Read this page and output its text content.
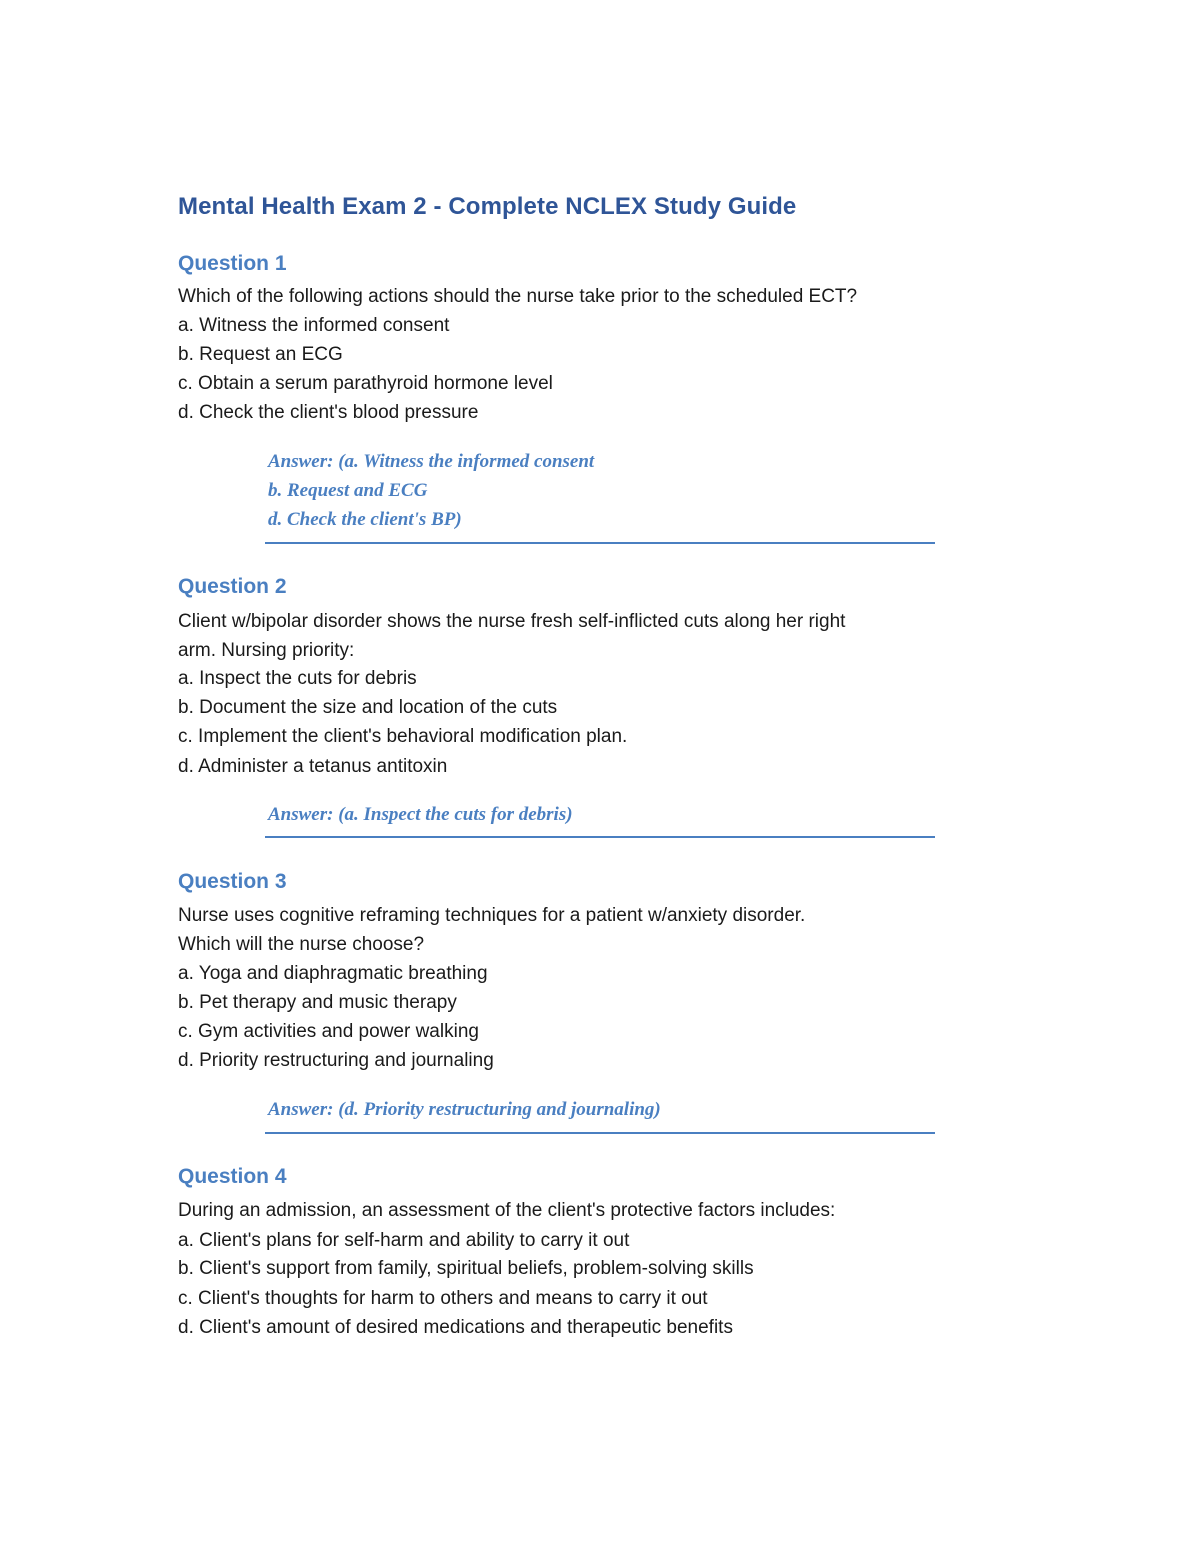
Mental Health Exam 2 - Complete NCLEX Study Guide
Question 1
Which of the following actions should the nurse take prior to the scheduled ECT?
a. Witness the informed consent
b. Request an ECG
c. Obtain a serum parathyroid hormone level
d. Check the client's blood pressure
Answer: (a. Witness the informed consent
b. Request and ECG
d. Check the client's BP)
Question 2
Client w/bipolar disorder shows the nurse fresh self-inflicted cuts along her right
arm. Nursing priority:
a. Inspect the cuts for debris
b. Document the size and location of the cuts
c. Implement the client's behavioral modification plan.
d. Administer a tetanus antitoxin
Answer: (a. Inspect the cuts for debris)
Question 3
Nurse uses cognitive reframing techniques for a patient w/anxiety disorder.
Which will the nurse choose?
a. Yoga and diaphragmatic breathing
b. Pet therapy and music therapy
c. Gym activities and power walking
d. Priority restructuring and journaling
Answer: (d. Priority restructuring and journaling)
Question 4
During an admission, an assessment of the client's protective factors includes:
a. Client's plans for self-harm and ability to carry it out
b. Client's support from family, spiritual beliefs, problem-solving skills
c. Client's thoughts for harm to others and means to carry it out
d. Client's amount of desired medications and therapeutic benefits
